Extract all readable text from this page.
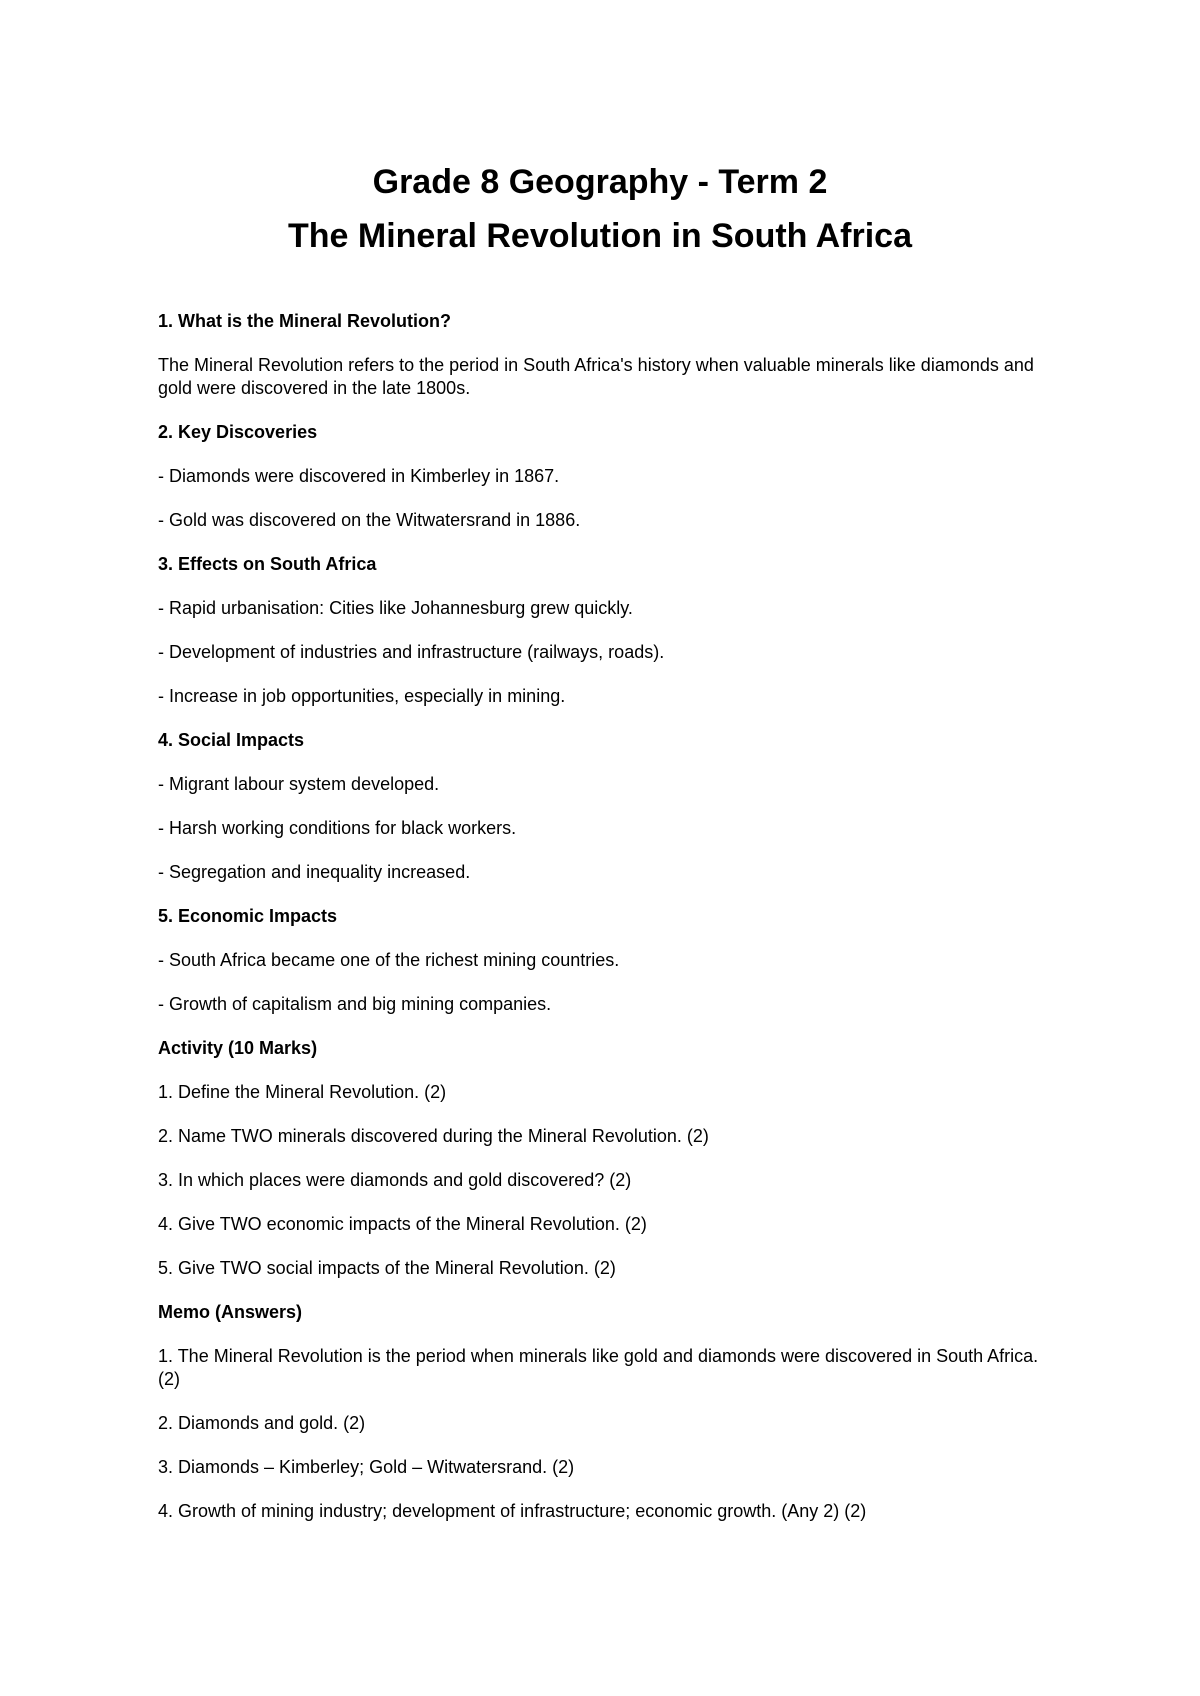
Grade 8 Geography - Term 2
The Mineral Revolution in South Africa

1. What is the Mineral Revolution?

The Mineral Revolution refers to the period in South Africa's history when valuable minerals like diamonds and gold were discovered in the late 1800s.

2. Key Discoveries

- Diamonds were discovered in Kimberley in 1867.

- Gold was discovered on the Witwatersrand in 1886.

3. Effects on South Africa

- Rapid urbanisation: Cities like Johannesburg grew quickly.

- Development of industries and infrastructure (railways, roads).

- Increase in job opportunities, especially in mining.

4. Social Impacts

- Migrant labour system developed.

- Harsh working conditions for black workers.

- Segregation and inequality increased.

5. Economic Impacts

- South Africa became one of the richest mining countries.

- Growth of capitalism and big mining companies.

Activity (10 Marks)

1. Define the Mineral Revolution. (2)

2. Name TWO minerals discovered during the Mineral Revolution. (2)

3. In which places were diamonds and gold discovered? (2)

4. Give TWO economic impacts of the Mineral Revolution. (2)

5. Give TWO social impacts of the Mineral Revolution. (2)

Memo (Answers)

1. The Mineral Revolution is the period when minerals like gold and diamonds were discovered in South Africa. (2)

2. Diamonds and gold. (2)

3. Diamonds – Kimberley; Gold – Witwatersrand. (2)

4. Growth of mining industry; development of infrastructure; economic growth. (Any 2) (2)
